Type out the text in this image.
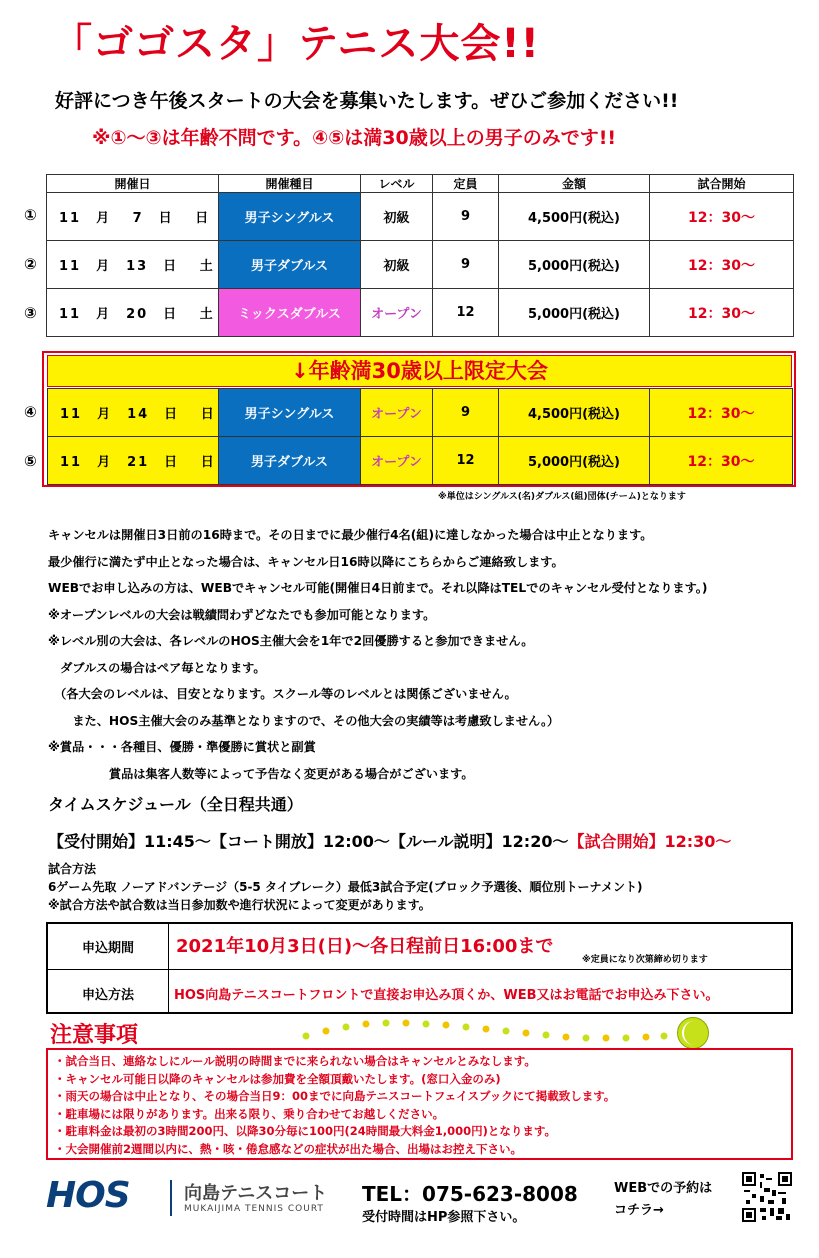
「ゴゴスタ」テニス大会!!
好評につき午後スタートの大会を募集いたします。ぜひご参加ください!!
※①～③は年齢不問です。④⑤は満30歳以上の男子のみです!!
①
②
③
開催日	開催種目	レベル	定員	金額	試合開始
11　月　 7　日　 日	男子シングルス	初級	9	4,500円(税込)	12：30～
11　月　13　日　 土	男子ダブルス	初級	9	5,000円(税込)	12：30～
11　月　20　日　 土	ミックスダブルス	オープン	12	5,000円(税込)	12：30～
↓年齢満30歳以上限定大会
④
⑤
11　月　14　日　 日	男子シングルス	オープン	9	4,500円(税込)	12：30～
11　月　21　日　 日	男子ダブルス	オープン	12	5,000円(税込)	12：30～
※単位はシングルス(名)ダブルス(組)団体(チーム)となります
キャンセルは開催日3日前の16時まで。その日までに最少催行4名(組)に達しなかった場合は中止となります。
最少催行に満たず中止となった場合は、キャンセル日16時以降にこちらからご連絡致します。
WEBでお申し込みの方は、WEBでキャンセル可能(開催日4日前まで。それ以降はTELでのキャンセル受付となります。)
※オープンレベルの大会は戦績問わずどなたでも参加可能となります。
※レベル別の大会は、各レベルのHOS主催大会を1年で2回優勝すると参加できません。
　ダブルスの場合はペア毎となります。
　（各大会のレベルは、目安となります。スクール等のレベルとは関係ございません。
　　また、HOS主催大会のみ基準となりますので、その他大会の実績等は考慮致しません。）
※賞品・・・各種目、優勝・準優勝に賞状と副賞
　　　　　賞品は集客人数等によって予告なく変更がある場合がございます。
タイムスケジュール（全日程共通）
【受付開始】11:45～【コート開放】12:00～【ルール説明】12:20～【試合開始】12:30～
試合方法
6ゲーム先取 ノーアドバンテージ（5-5 タイブレーク）最低3試合予定(ブロック予選後、順位別トーナメント)
※試合方法や試合数は当日参加数や進行状況によって変更があります。
申込期間	2021年10月3日(日)～各日程前日16:00まで
※定員になり次第締め切ります
申込方法	HOS向島テニスコートフロントで直接お申込み頂くか、WEB又はお電話でお申込み下さい。
注意事項
・試合当日、連絡なしにルール説明の時間までに来られない場合はキャンセルとみなします。
・キャンセル可能日以降のキャンセルは参加費を全額頂戴いたします。(窓口入金のみ)
・雨天の場合は中止となり、その場合当日9：00までに向島テニスコートフェイスブックにて掲載致します。
・駐車場には限りがあります。出来る限り、乗り合わせてお越しください。
・駐車料金は最初の3時間200円、以降30分毎に100円(24時間最大料金1,000円)となります。
・大会開催前2週間以内に、熱・咳・倦怠感などの症状が出た場合、出場はお控え下さい。
HOS	向島テニスコート
MUKAIJIMA TENNIS COURT
TEL：075-623-8008
受付時間はHP参照下さい。
WEBでの予約は
コチラ→
